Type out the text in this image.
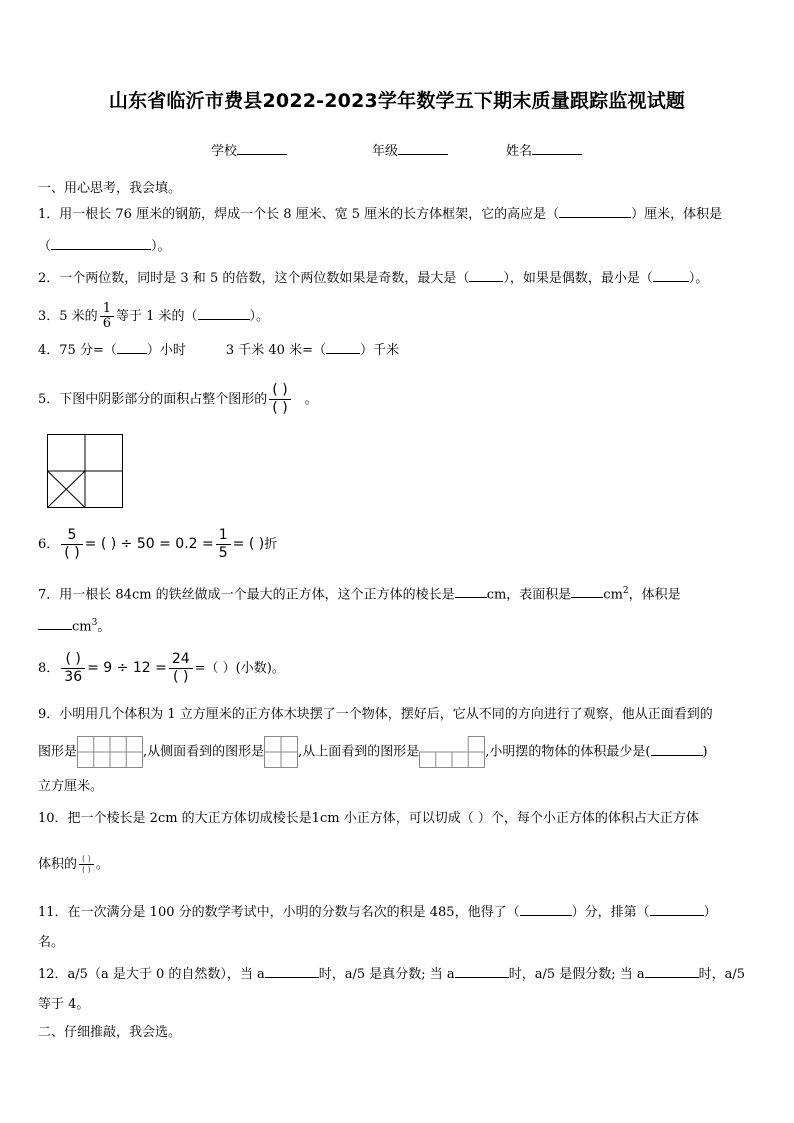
山东省临沂市费县2022-2023学年数学五下期末质量跟踪监视试题
学校	年级	姓名
一、用心思考，我会填。
1．用一根长 76 厘米的钢筋，焊成一个长 8 厘米、宽 5 厘米的长方体框架，它的高应是（	）厘米，体积是
（	）。
2．一个两位数，同时是 3 和 5 的倍数，这个两位数如果是奇数，最大是（	），如果是偶数，最小是（	）。
3．5 米的 $\frac{1}{6}$ 等于 1 米的（	）。
4．75 分=（ ）小时	3 千米 40 米=（	）千米
5．下图中阴影部分的面积占整个图形的 $\frac{( )}{( )}$ 。
6． $\frac{5}{( )}$ = ( ) ÷ $50 = 0.2 = \frac{1}{5}$ = ( )折
7．用一根长 84cm 的铁丝做成一个最大的正方体，这个正方体的棱长是 cm，表面积是 $cm^2$，体积是
$cm^3$。
8． $\frac{( )}{36} = 9 \div 12 = \frac{24}{( )}$ =（ ）(小数)。
9．小明用几个体积为 1 立方厘米的正方体木块摆了一个物体，摆好后，它从不同的方向进行了观察，他从正面看到的
图形是	,从侧面看到的图形是	,从上面看到的图形是	,小明摆的物体的体积最少是(	)
立方厘米。
10．把一个棱长是 2cm 的大正方体切成棱长是1cm 小正方体，可以切成（ ）个，每个小正方体的体积占大正方体
体积的 $\frac{( )}{( )}$ 。
11．在一次满分是 100 分的数学考试中，小明的分数与名次的积是 485，他得了（	）分，排第（	）
名。
12．a/5（a 是大于 0 的自然数），当 a	时，a/5 是真分数; 当 a	时，a/5 是假分数; 当 a	时，a/5
等于 4。
二、仔细推敲，我会选。
